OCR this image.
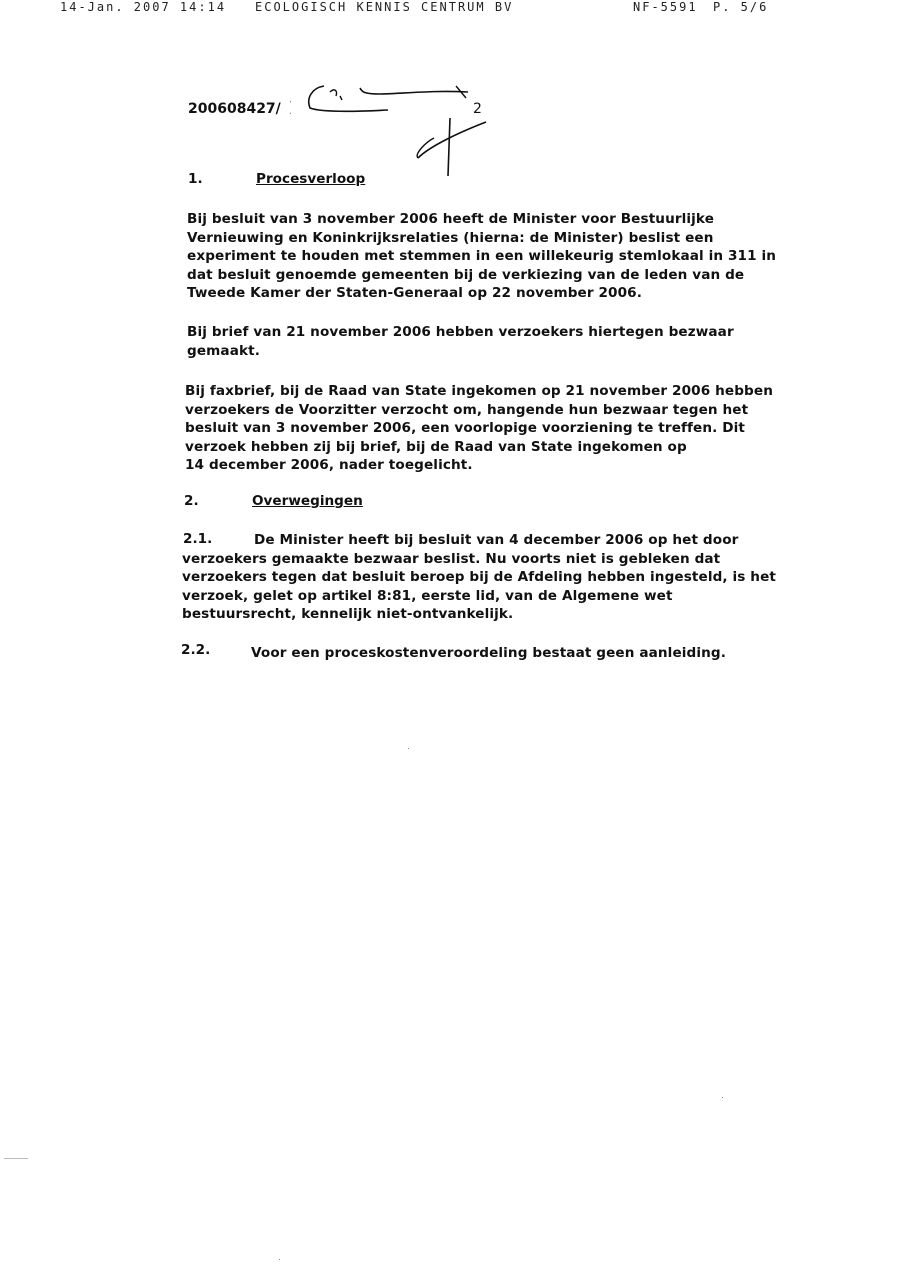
14-Jan. 2007 14:14 ECOLOGISCH KENNIS CENTRUM BV	NF-5591 P. 5/6
200608427/	2
1.	Procesverloop
Bij besluit van 3 november 2006 heeft de Minister voor Bestuurlijke
Vernieuwing en Koninkrijksrelaties (hierna: de Minister) beslist een
experiment te houden met stemmen in een willekeurig stemlokaal in 311 in
dat besluit genoemde gemeenten bij de verkiezing van de leden van de
Tweede Kamer der Staten-Generaal op 22 november 2006.
Bij brief van 21 november 2006 hebben verzoekers hiertegen bezwaar
gemaakt.
Bij faxbrief, bij de Raad van State ingekomen op 21 november 2006 hebben
verzoekers de Voorzitter verzocht om, hangende hun bezwaar tegen het
besluit van 3 november 2006, een voorlopige voorziening te treffen. Dit
verzoek hebben zij bij brief, bij de Raad van State ingekomen op
14 december 2006, nader toegelicht.
2.	Overwegingen
2.1.	De Minister heeft bij besluit van 4 december 2006 op het door
verzoekers gemaakte bezwaar beslist. Nu voorts niet is gebleken dat
verzoekers tegen dat besluit beroep bij de Afdeling hebben ingesteld, is het
verzoek, gelet op artikel 8:81, eerste lid, van de Algemene wet
bestuursrecht, kennelijk niet-ontvankelijk.
2.2.	Voor een proceskostenveroordeling bestaat geen aanleiding.
